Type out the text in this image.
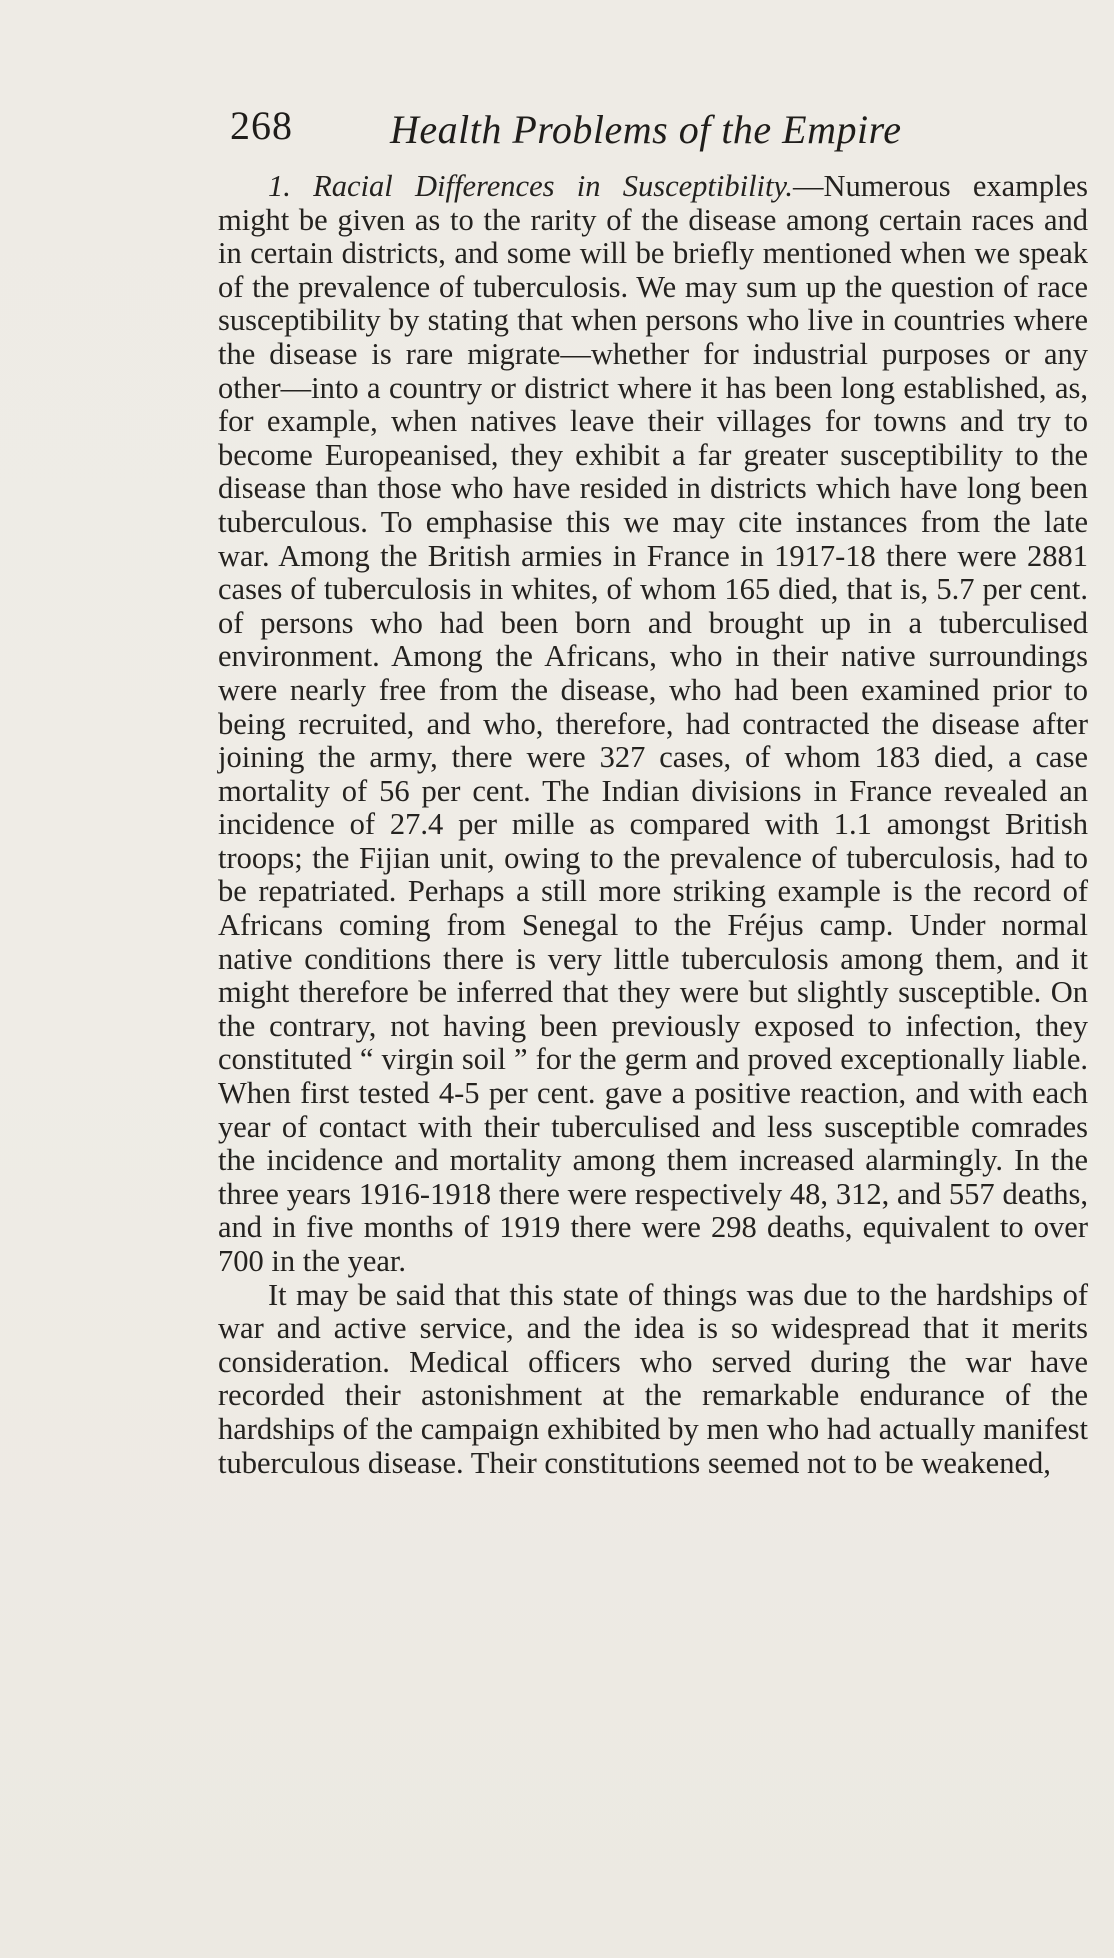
268 Health Problems of the Empire

1. Racial Differences in Susceptibility.—Numerous examples might be given as to the rarity of the disease among certain races and in certain districts, and some will be briefly mentioned when we speak of the prevalence of tuberculosis. We may sum up the question of race susceptibility by stating that when persons who live in countries where the disease is rare migrate—whether for industrial purposes or any other—into a country or district where it has been long established, as, for example, when natives leave their villages for towns and try to become Europeanised, they exhibit a far greater susceptibility to the disease than those who have resided in districts which have long been tuberculous. To emphasise this we may cite instances from the late war. Among the British armies in France in 1917-18 there were 2881 cases of tuberculosis in whites, of whom 165 died, that is, 5.7 per cent. of persons who had been born and brought up in a tuberculised environment. Among the Africans, who in their native surroundings were nearly free from the disease, who had been examined prior to being recruited, and who, therefore, had contracted the disease after joining the army, there were 327 cases, of whom 183 died, a case mortality of 56 per cent. The Indian divisions in France revealed an incidence of 27.4 per mille as compared with 1.1 amongst British troops; the Fijian unit, owing to the prevalence of tuberculosis, had to be repatriated. Perhaps a still more striking example is the record of Africans coming from Senegal to the Fréjus camp. Under normal native conditions there is very little tuberculosis among them, and it might therefore be inferred that they were but slightly susceptible. On the contrary, not having been previously exposed to infection, they constituted “ virgin soil ” for the germ and proved exceptionally liable. When first tested 4-5 per cent. gave a positive reaction, and with each year of contact with their tuberculised and less susceptible comrades the incidence and mortality among them increased alarmingly. In the three years 1916-1918 there were respectively 48, 312, and 557 deaths, and in five months of 1919 there were 298 deaths, equivalent to over 700 in the year.

It may be said that this state of things was due to the hardships of war and active service, and the idea is so widespread that it merits consideration. Medical officers who served during the war have recorded their astonishment at the remarkable endurance of the hardships of the campaign exhibited by men who had actually manifest tuberculous disease. Their constitutions seemed not to be weakened,
